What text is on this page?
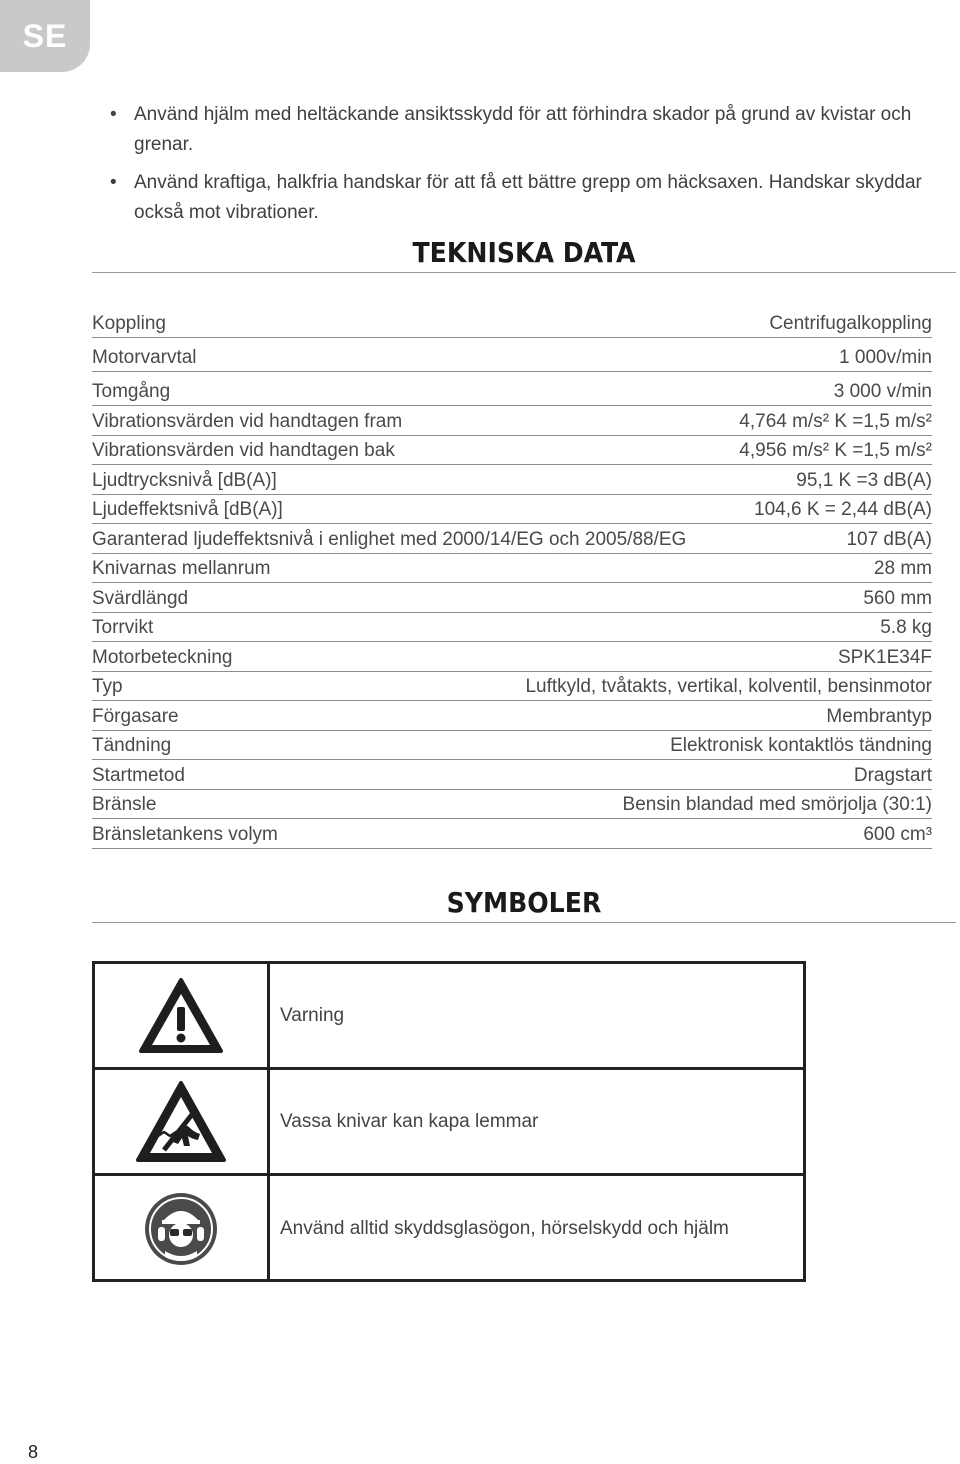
SE
• Använd hjälm med heltäckande ansiktsskydd för att förhindra skador på grund av kvistar och grenar.
• Använd kraftiga, halkfria handskar för att få ett bättre grepp om häcksaxen. Handskar skyddar också mot vibrationer.
TEKNISKA DATA
Koppling	Centrifugalkoppling
Motorvarvtal	1 000v/min
Tomgång	3 000 v/min
Vibrationsvärden vid handtagen fram	4,764 m/s² K =1,5 m/s²
Vibrationsvärden vid handtagen bak	4,956 m/s² K =1,5 m/s²
Ljudtrycksnivå [dB(A)]	95,1 K =3 dB(A)
Ljudeffektsnivå [dB(A)]	104,6 K = 2,44 dB(A)
Garanterad ljudeffektsnivå i enlighet med 2000/14/EG och 2005/88/EG	107 dB(A)
Knivarnas mellanrum	28 mm
Svärdlängd	560 mm
Torrvikt	5.8 kg
Motorbeteckning	SPK1E34F
Typ	Luftkyld, tvåtakts, vertikal, kolventil, bensinmotor
Förgasare	Membrantyp
Tändning	Elektronisk kontaktlös tändning
Startmetod	Dragstart
Bränsle	Bensin blandad med smörjolja (30:1)
Bränsletankens volym	600 cm³
SYMBOLER
Varning
Vassa knivar kan kapa lemmar
Använd alltid skyddsglasögon, hörselskydd och hjälm
8
